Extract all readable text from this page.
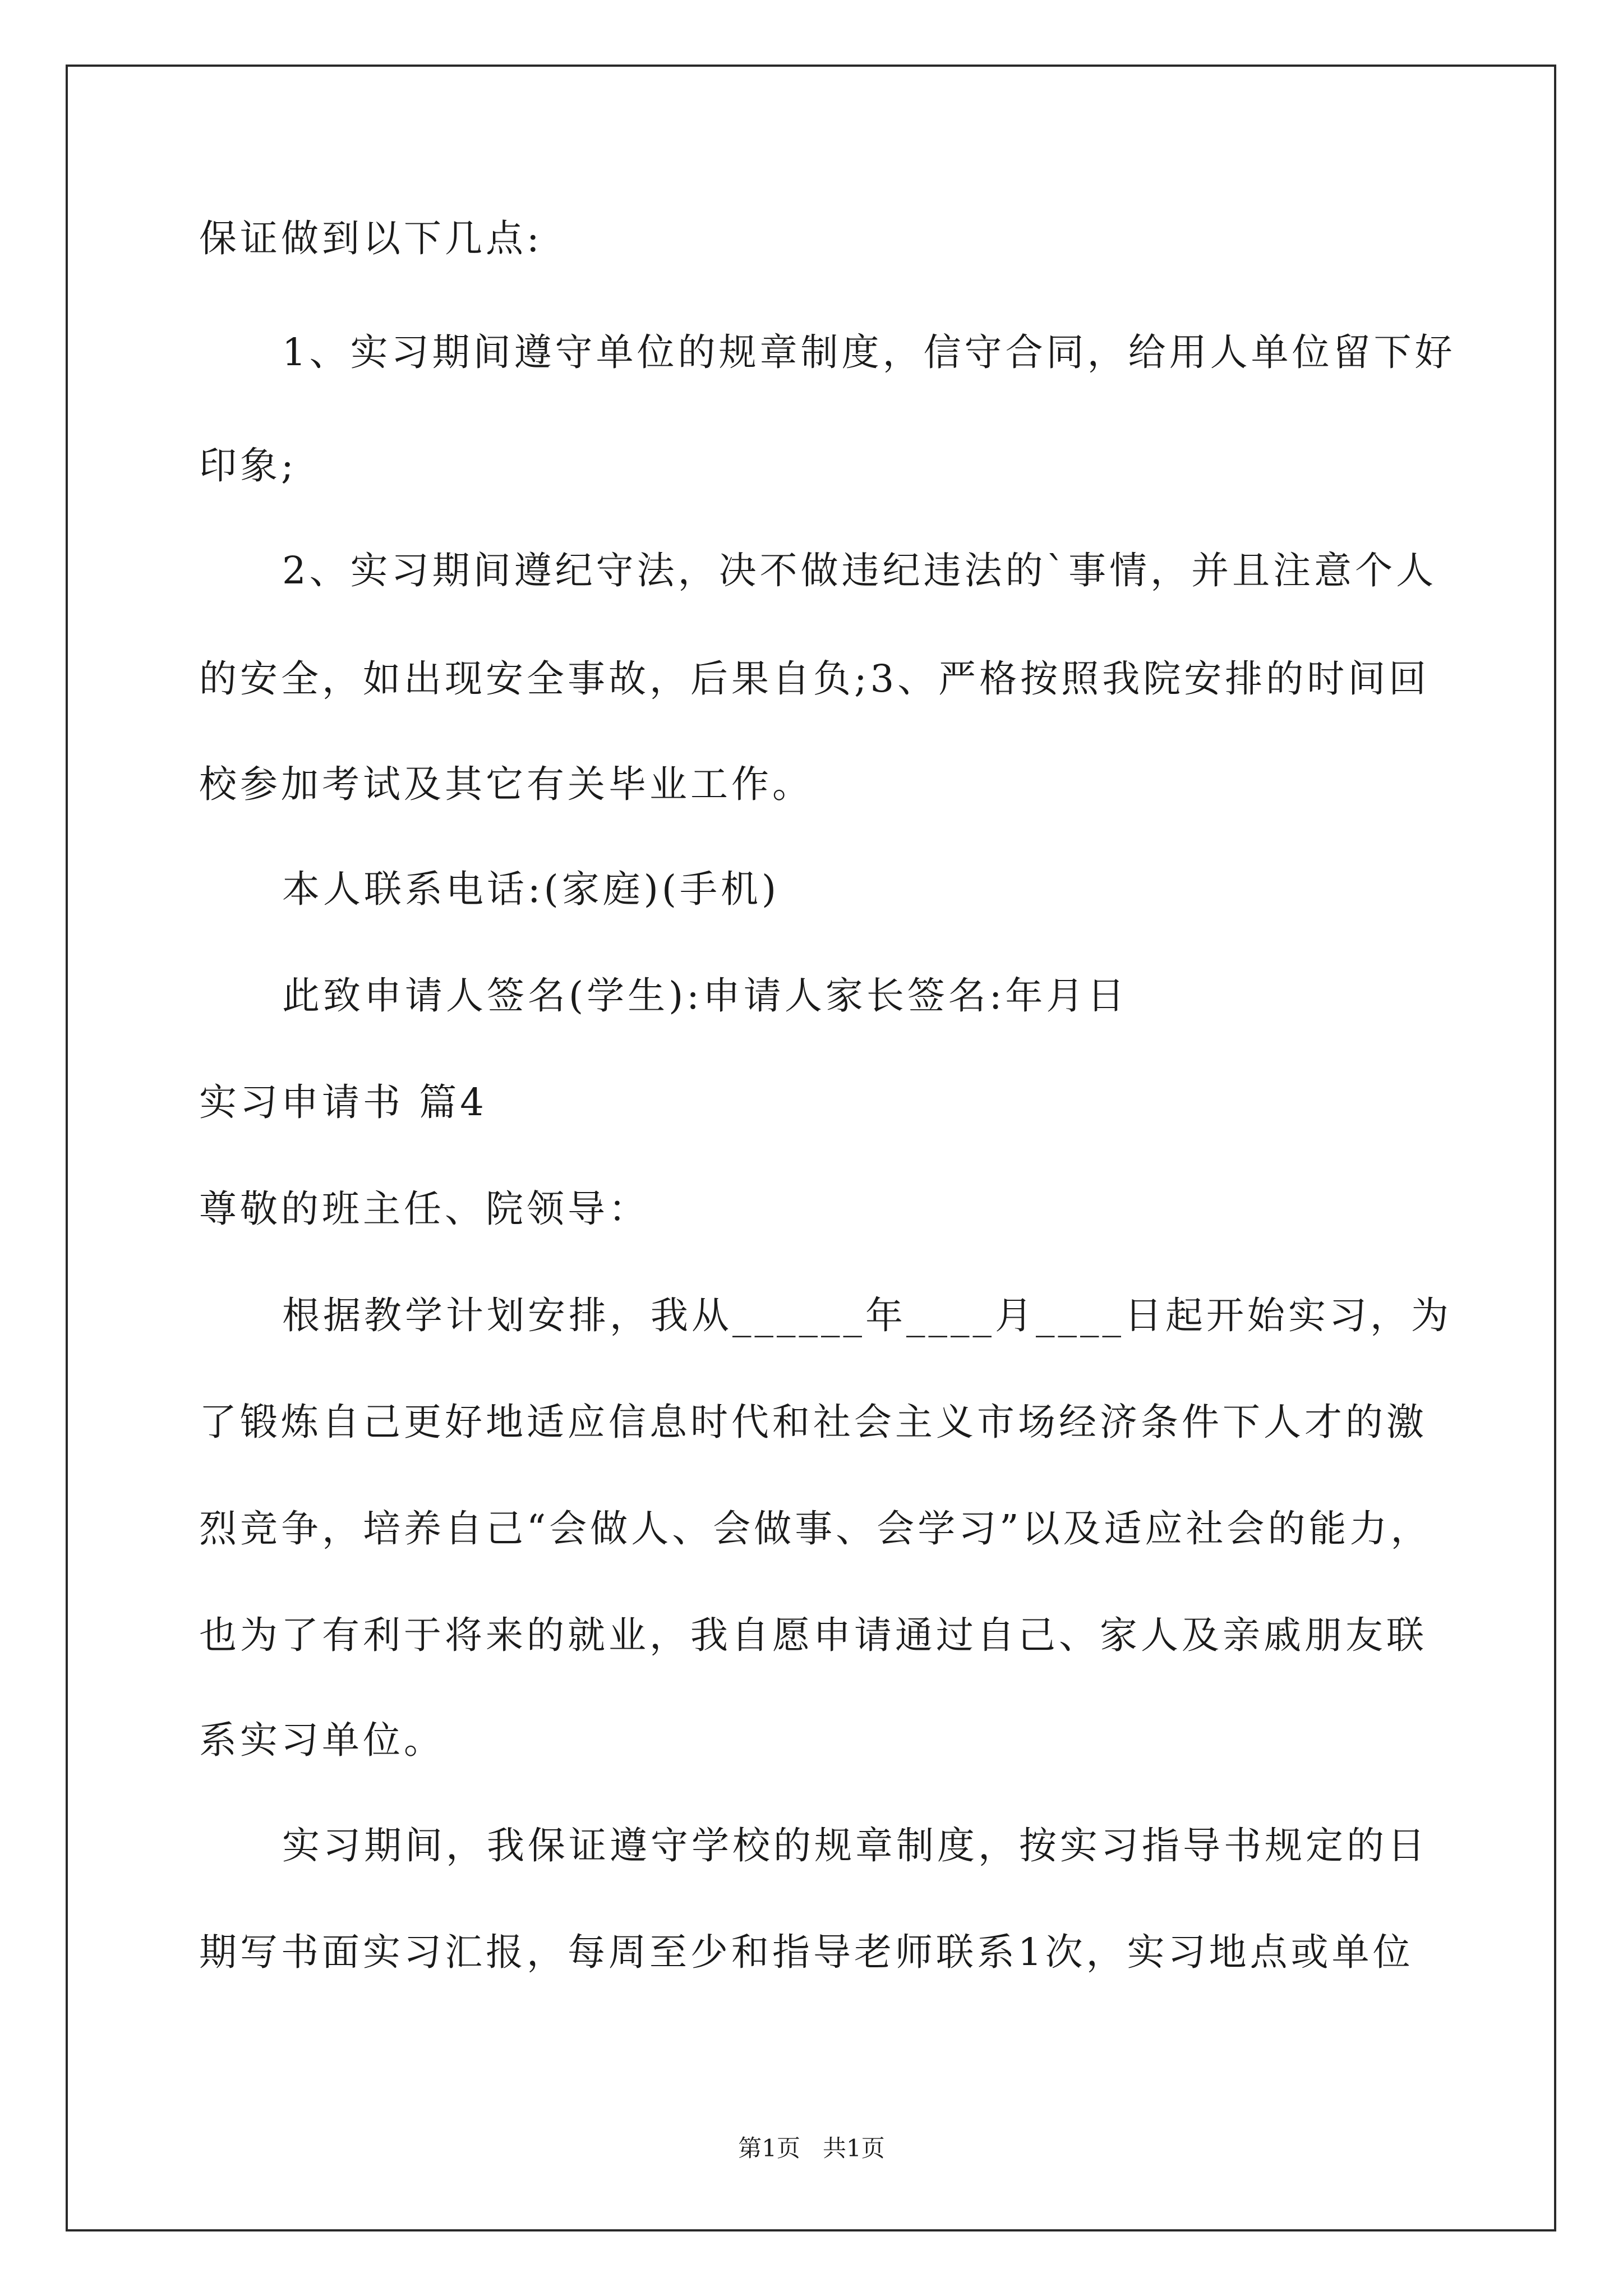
保证做到以下几点:
1、实习期间遵守单位的规章制度，信守合同，给用人单位留下好
印象;
2、实习期间遵纪守法，决不做违纪违法的`事情，并且注意个人
的安全，如出现安全事故，后果自负;3、严格按照我院安排的时间回
校参加考试及其它有关毕业工作。
本人联系电话:(家庭)(手机)
此致申请人签名(学生):申请人家长签名:年月日
实习申请书 篇4
尊敬的班主任、院领导：
根据教学计划安排，我从______年____月____日起开始实习，为
了锻炼自己更好地适应信息时代和社会主义市场经济条件下人才的激
烈竞争，培养自己“会做人、会做事、会学习”以及适应社会的能力，
也为了有利于将来的就业，我自愿申请通过自己、家人及亲戚朋友联
系实习单位。
实习期间，我保证遵守学校的规章制度，按实习指导书规定的日
期写书面实习汇报，每周至少和指导老师联系1次，实习地点或单位
第1页   共1页
